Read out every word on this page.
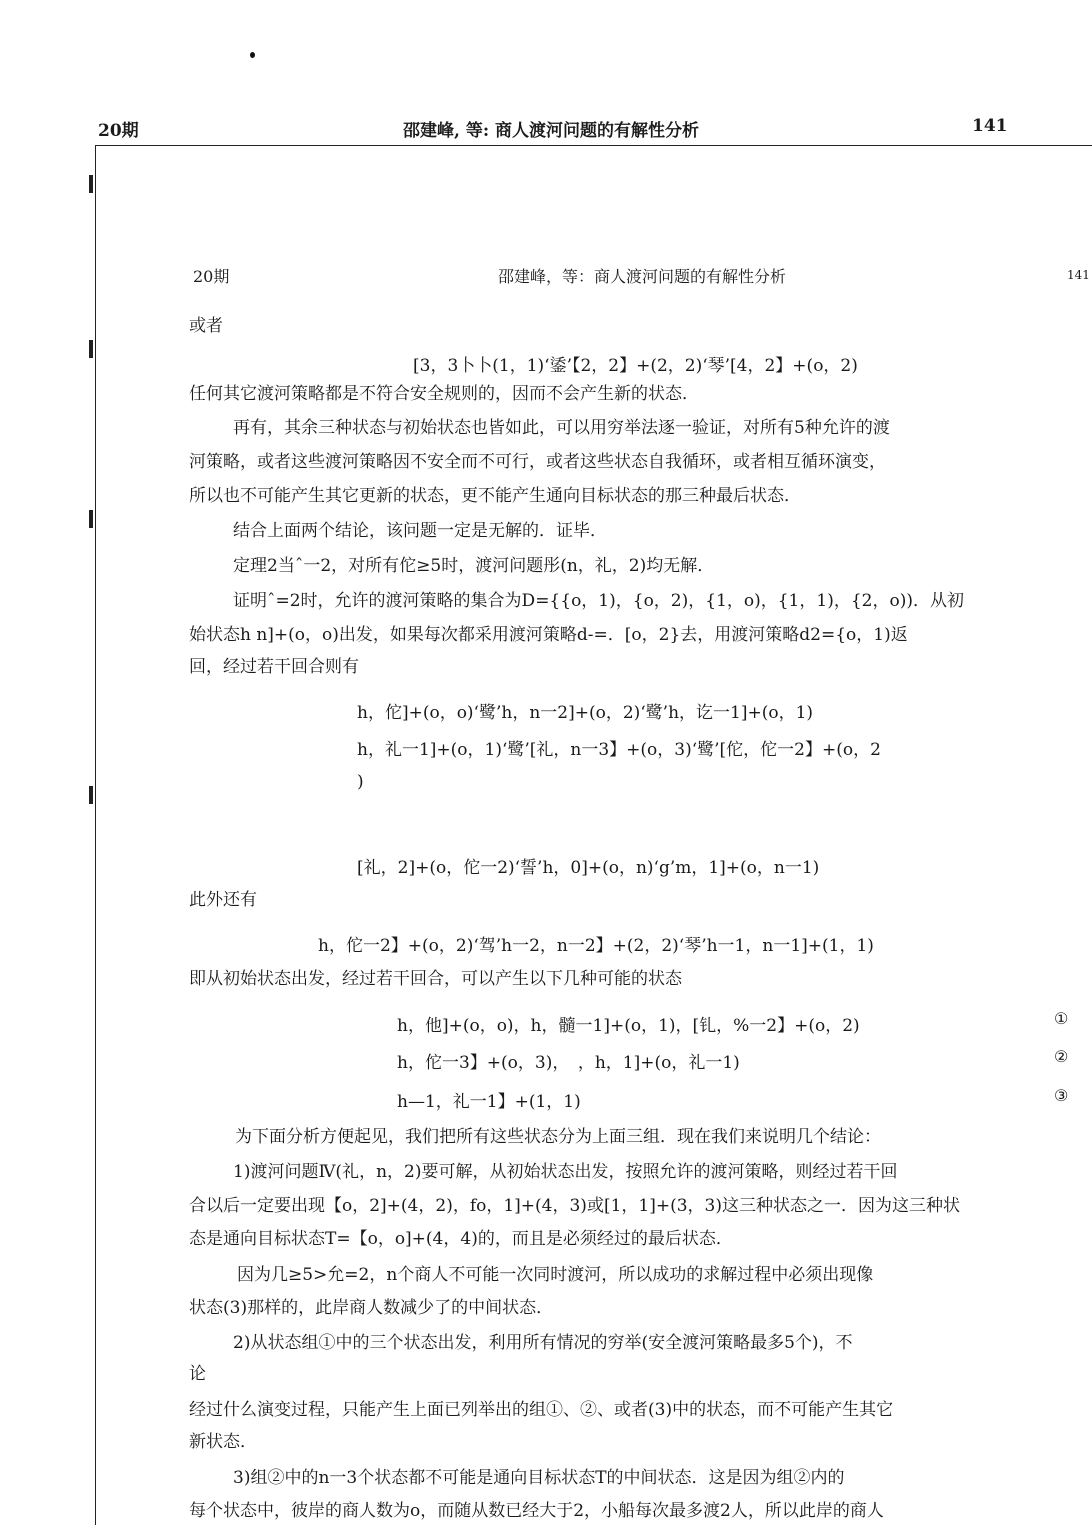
20期	邵建峰, 等: 商人渡河问题的有解性分析	141
20期	邵建峰，等：商人渡河问题的有解性分析	141
或者
[3，3卜卜(1，1)‘鋈’【2，2】+(2，2)‘琴’[4，2】+(o，2)
任何其它渡河策略都是不符合安全规则的，因而不会产生新的状态．
再有，其余三种状态与初始状态也皆如此，可以用穷举法逐一验证，对所有5种允许的渡
河策略，或者这些渡河策略因不安全而不可行，或者这些状态自我循环，或者相互循环演变，
所以也不可能产生其它更新的状态，更不能产生通向目标状态的那三种最后状态．
结合上面两个结论，该问题一定是无解的．证毕．
定理2当ˆ一2，对所有佗≥5时，渡河问题彤(n，礼，2)均无解．
证明ˆ=2时，允许的渡河策略的集合为D={{o，1)，{o，2)，{1，o)，{1，1)，{2，o))．从初
始状态h n]+(o，o)出发，如果每次都采用渡河策略d-=．[o，2}去，用渡河策略d2={o，1)返
回，经过若干回合则有
h，佗]+(o，o)‘鹭’h，n一2]+(o，2)‘鹭’h，讫一1]+(o，1)
h，礼一1]+(o，1)‘鹭’[礼，n一3】+(o，3)‘鹭’[佗，佗一2】+(o，2
)
[礼，2]+(o，佗一2)‘誓’h，0]+(o，n)‘g’m，1]+(o，n一1)
此外还有
h，佗一2】+(o，2)‘驾’h一2，n一2】+(2，2)‘琴’h一1，n一1]+(1，1)
即从初始状态出发，经过若干回合，可以产生以下几种可能的状态
h，他]+(o，o)，h，髓一1]+(o，1)，[钆，%一2】+(o，2)	①
h，佗一3】+(o，3)，　，h，1]+(o，礼一1)	②
h—1，礼一1】+(1，1)	③
为下面分析方便起见，我们把所有这些状态分为上面三组．现在我们来说明几个结论：
1)渡河问题Ⅳ(礼，n，2)要可解，从初始状态出发，按照允许的渡河策略，则经过若干回
合以后一定要出现【o，2]+(4，2)，fo，1]+(4，3)或[1，1]+(3，3)这三种状态之一．因为这三种状
态是通向目标状态T=【o，o]+(4，4)的，而且是必须经过的最后状态．
因为几≥5>允=2，n个商人不可能一次同时渡河，所以成功的求解过程中必须出现像
状态(3)那样的，此岸商人数减少了的中间状态．
2)从状态组①中的三个状态出发，利用所有情况的穷举(安全渡河策略最多5个)，不
论
经过什么演变过程，只能产生上面已列举出的组①、②、或者(3)中的状态，而不可能产生其它
新状态．
3)组②中的n一3个状态都不可能是通向目标状态T的中间状态．这是因为组②内的
每个状态中，彼岸的商人数为o，而随从数已经大于2，小船每次最多渡2人，所以此岸的商人
